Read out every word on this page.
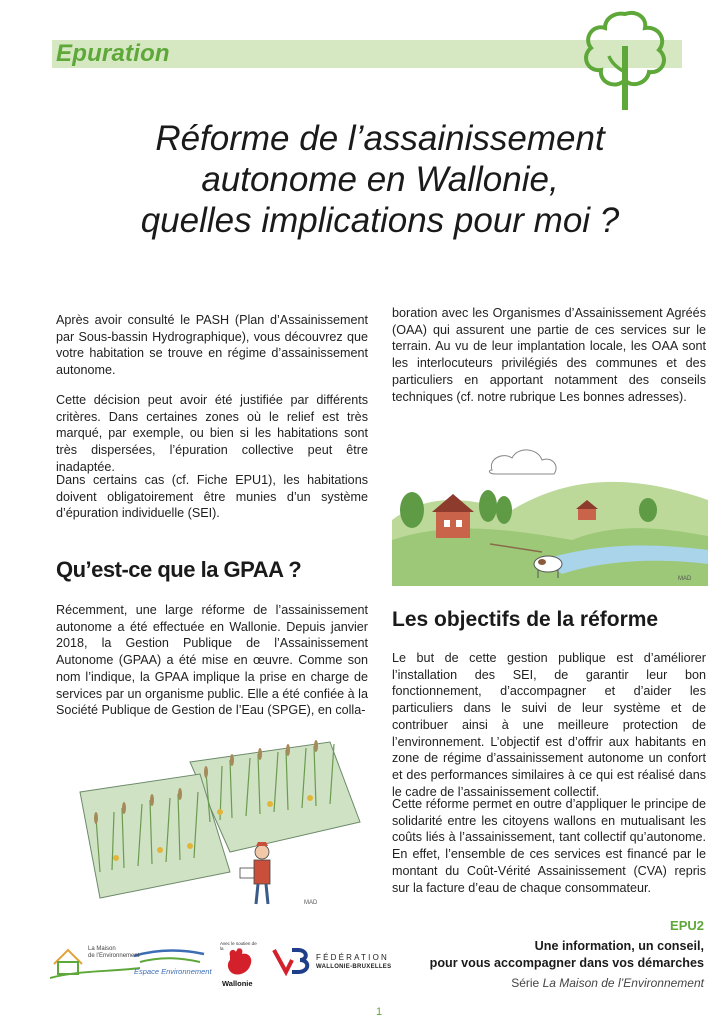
Epuration
Réforme de l’assainissement
autonome en Wallonie,
quelles implications pour moi ?

Après avoir consulté le PASH (Plan d’Assainissement par Sous-bassin Hydrographique), vous découvrez que votre habitation se trouve en régime d’assainissement autonome.

Cette décision peut avoir été justifiée par différents critères. Dans certaines zones où le relief est très marqué, par exemple, ou bien si les habitations sont très dispersées, l’épuration collective peut être inadaptée.

Dans certains cas (cf. Fiche EPU1), les habitations doivent obligatoirement être munies d’un système d’épuration individuelle (SEI).

Qu’est-ce que la GPAA ?

Récemment, une large réforme de l’assainissement autonome a été effectuée en Wallonie. Depuis janvier 2018, la Gestion Publique de l’Assainissement Autonome (GPAA) a été mise en œuvre. Comme son nom l’indique, la GPAA implique la prise en charge de services par un organisme public. Elle a été confiée à la Société Publique de Gestion de l’Eau (SPGE), en colla-

boration avec les Organismes d’Assainissement Agréés (OAA) qui assurent une partie de ces services sur le terrain. Au vu de leur implantation locale, les OAA sont les interlocuteurs privilégiés des communes et des particuliers en apportant notamment des conseils techniques (cf. notre rubrique Les bonnes adresses).

MAD
Les objectifs de la réforme

Le but de cette gestion publique est d’améliorer l’installation des SEI, de garantir leur bon fonctionnement, d’accompagner et d’aider les particuliers dans le suivi de leur système et de contribuer ainsi à une meilleure protection de l’environnement. L’objectif est d’offrir aux habitants en zone de régime d’assainissement autonome un confort et des performances similaires à ce qui est réalisé dans le cadre de l’assainissement collectif.

Cette réforme permet en outre d’appliquer le principe de solidarité entre les citoyens wallons en mutualisant les coûts liés à l’assainissement, tant collectif qu’autonome. En effet, l’ensemble de ces services est financé par le montant du Coût-Vérité Assainissement (CVA) repris sur la facture d’eau de chaque consommateur.

MAD
EPU2
Une information, un conseil,
pour vous accompagner dans vos démarches
Série La Maison de l’Environnement
La Maison
de l’Environnement
Espace Environnement
Avec le soutien de
la
Wallonie
FÉDÉRATION
WALLONIE-BRUXELLES
1
